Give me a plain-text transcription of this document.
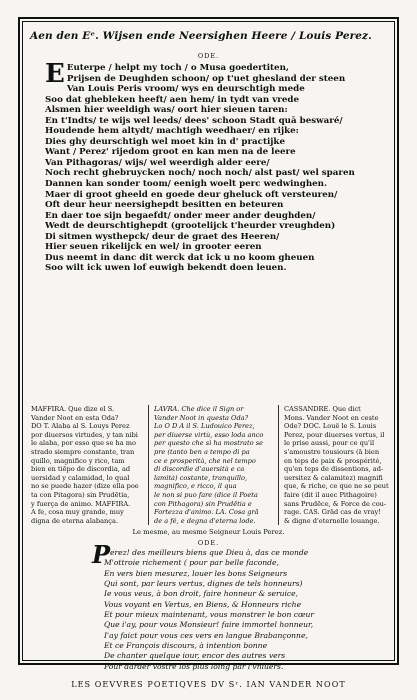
Aen den Eᵉ. Wijsen ende Neersighen Heere / Louis Perez.
ODE.
E Euterpe / helpt my toch / o Musa goedertiten,
Prijsen de Deughden schoon/ op t'uet ghesland der steen
Van Louis Peris vroom/ wys en deurschtigh mede
Soo dat ghebleken heeft/ aen hem/ in tydt van vrede
Alsmen hier weeldigh was/ oort hier sieuen taren:
En t'Indts/ te wijs wel leeds/ dees' schoon Stadt quā beswaré/
Houdende hem altydt/ machtigh weedhaer/ en rijke:
Dies ghy deurschtigh wel moet kin in d' practijke
Want / Perez' rijedom groot en kan men na de leere
Van Pithagoras/ wijs/ wel weerdigh alder eere/
Noch recht ghebruycken noch/ noch noch/ alst past/ wel sparen
Dannen kan sonder toom/ eenigh woelt perc wedwinghen.
Maer di groot gheeld en goede deur gheluck oft versteuren/
Oft deur heur neersighepdt besitten en beteuren
En daer toe sijn begaefdt/ onder meer ander deughden/
Wedt de deurschtighepdt (grootelijck t'heurder vreughden)
Di sitmen wysthepck/ deur de graet des Heeren/
Hier seuen rikelijck en wel/ in grooter eeren
Dus neemt in danc dit werck dat ick u no koom gheuen
Soo wilt ick uwen lof euwigh bekendt doen leuen.
MAFFIRA. Que dize el S.
Vander Noot en esta Oda?
DO T. Alaba al S. Louys Perez
por diuersos virtudes, y tan nibi
le alaba, por esso que se ha mo
strado siempre constante, tran
quillo, magnifico y rico, tam
bien en tiēpo de discordia, ad
uersidad y calamidad, lo qual
no se puede hazer (dize ella poe
ta con Pitagora) sin Prudētia,
y fuerça de animo. MAFFIRA.
A fe, cosa muy grande, muy
digna de eterna alabança.
LAVRA. Che dice il Sign or
Vander Noot in questa Oda?
Lo O D A il S. Ludouico Perez,
per diuerse virtù, esso loda anco
per questo che sì ha mostrato se
pre (tanto ben a tempo di pa
ce e prosperità, che nel tempo
di discordie d'auersità e ca
lamità) costante, tranquillo,
magnifico, e ricco, il qua
le non si puo fare (dice il Poeta
con Pithagora) sin Prudētia e
Fortezza d'animo. LA. Cosa grā
de a fé, e degna d'eterna lode.
CASSANDRE. Que dict
Mons. Vander Noot en ceste
Ode? DOC. Louë le S. Louis
Perez, pour diuerses vertus, il
le prise aussi, pour ce qu'il
s'amoustre tousiours (ā bien
en teps de paix & prospérité,
qu'en teps de dissentions, ad-
uersitez & calamitez) magnifi
que, & riche, ce que ne se peut
faire (dit il auec Pithagoire)
sans Prudēce, & Force de cou-
rage. CAS. Grād cas de vray!
& digne d'eternelle louange.
Le mesme, au mesme Seigneur Louis Perez.
ODE.
P erez! des meilleurs biens que Dieu à, das ce monde
M'ottroie richement ( pour par belle faconde,
En vers bien mesurez, louer les bons Seigneurs
Qui sont, par leurs vertus, dignes de tels honneurs)
Ie vous veus, à bon droit, faire honneur & seruice,
Vous voyant en Vertus, en Biens, & Honneurs riche
Et pour mieux maintenant, vous monstrer le bon cœur
Que i'ay, pour vous Monsieur! faire immortel honneur,
I'ay faict pour vous ces vers en langue Brabançonne,
Et ce François discours, à intention bonne
De chanter quelque iour, encor des autres vers
Pour darder vostre los plus loing par l'vniuers.
LES OEVVRES POETIQVES DV Sʳ. IAN VANDER NOOT
